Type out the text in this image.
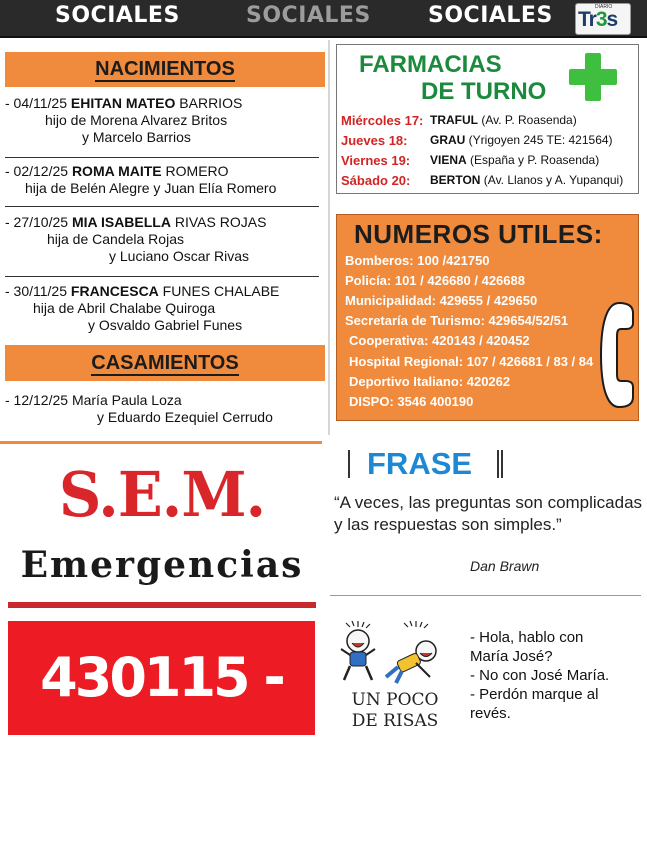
SOCIALES	SOCIALES	SOCIALES	DIARIO
Tr3s
NACIMIENTOS
- 04/11/25 EHITAN MATEO BARRIOS
hijo de Morena Alvarez Britos
y Marcelo Barrios
- 02/12/25 ROMA MAITE ROMERO
hija de Belén Alegre y Juan Elía Romero
- 27/10/25 MIA ISABELLA RIVAS ROJAS
hija de Candela Rojas
y Luciano Oscar Rivas
- 30/11/25 FRANCESCA FUNES CHALABE
hija de Abril Chalabe Quiroga
y Osvaldo Gabriel Funes
CASAMIENTOS
- 12/12/25 María Paula Loza
y Eduardo Ezequiel Cerrudo
FARMACIAS
DE TURNO
Miércoles 17: TRAFUL (Av. P. Roasenda)
Jueves 18:	GRAU (Yrigoyen 245 TE: 421564)
Viernes 19:	VIENA (España y P. Roasenda)
Sábado 20:	BERTON (Av. Llanos y A. Yupanqui)
NUMEROS UTILES:
Bomberos: 100 /421750
Policía: 101 / 426680 / 426688
Municipalidad: 429655 / 429650
Secretaría de Turismo: 429654/52/51
Cooperativa: 420143 / 420452
Hospital Regional: 107 / 426681 / 83 / 84
Deportivo Italiano: 420262
DISPO: 3546 400190
FRASE
“A veces, las preguntas son complicadas y las respuestas son simples.”
Dan Brawn
S.E.M.
Emergencias
430115 - 420434
UN POCO
DE RISAS
- Hola, hablo con
María José?
- No con José María.
- Perdón marque al
revés.
